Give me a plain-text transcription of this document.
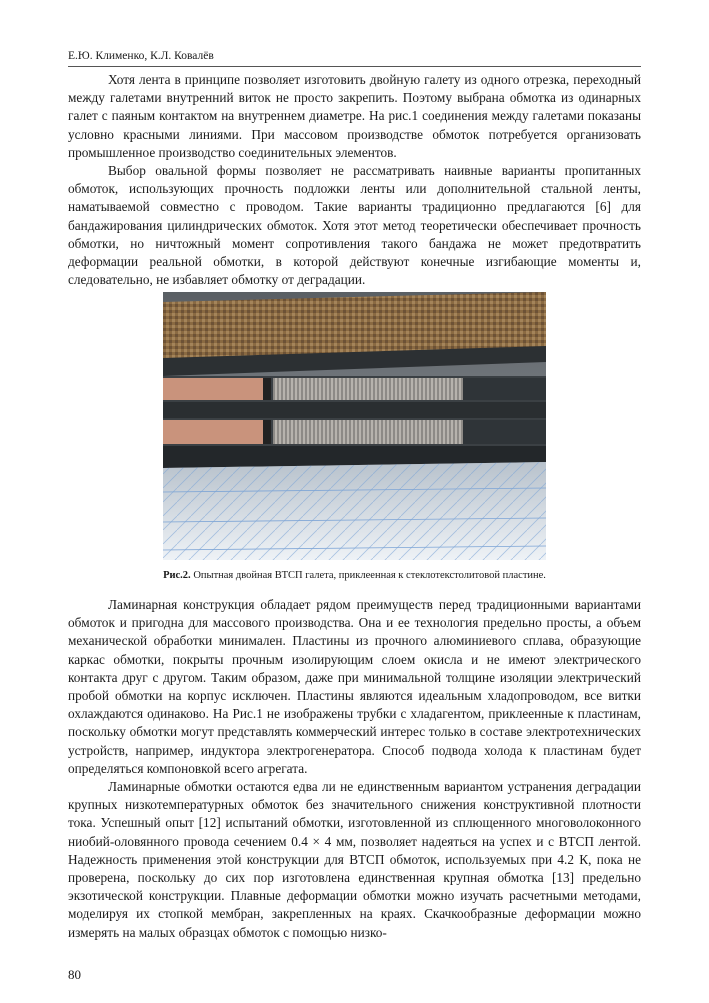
Е.Ю. Клименко, К.Л. Ковалёв

Хотя лента в принципе позволяет изготовить двойную галету из одного отрезка, переходный между галетами внутренний виток не просто закрепить. Поэтому выбрана обмотка из одинарных галет с паяным контактом на внутреннем диаметре. На рис.1 соединения между галетами показаны условно красными линиями. При массовом производстве обмоток потребуется организовать промышленное производство соединительных элементов.

Выбор овальной формы позволяет не рассматривать наивные варианты пропитанных обмоток, использующих прочность подложки ленты или дополнительной стальной ленты, наматываемой совместно с проводом. Такие варианты традиционно предлагаются [6] для бандажирования цилиндрических обмоток. Хотя этот метод теоретически обеспечивает прочность обмотки, но ничтожный момент сопротивления такого бандажа не может предотвратить деформации реальной обмотки, в которой действуют конечные изгибающие моменты и, следовательно, не избавляет обмотку от деградации.

Рис.2. Опытная двойная ВТСП галета, приклеенная к стеклотекстолитовой пластине.

Ламинарная конструкция обладает рядом преимуществ перед традиционными вариантами обмоток и пригодна для массового производства. Она и ее технология предельно просты, а объем механической обработки минимален. Пластины из прочного алюминиевого сплава, образующие каркас обмотки, покрыты прочным изолирующим слоем окисла и не имеют электрического контакта друг с другом. Таким образом, даже при минимальной толщине изоляции электрический пробой обмотки на корпус исключен. Пластины являются идеальным хладопроводом, все витки охлаждаются одинаково. На Рис.1 не изображены трубки с хладагентом, приклеенные к пластинам, поскольку обмотки могут представлять коммерческий интерес только в составе электротехнических устройств, например, индуктора электрогенератора. Способ подвода холода к пластинам будет определяться компоновкой всего агрегата.

Ламинарные обмотки остаются едва ли не единственным вариантом устранения деградации крупных низкотемпературных обмоток без значительного снижения конструктивной плотности тока. Успешный опыт [12] испытаний обмотки, изготовленной из сплющенного многоволоконного ниобий-оловянного провода сечением 0.4 × 4 мм, позволяет надеяться на успех и с ВТСП лентой. Надежность применения этой конструкции для ВТСП обмоток, используемых при 4.2 К, пока не проверена, поскольку до сих пор изготовлена единственная крупная обмотка [13] предельно экзотической конструкции. Плавные деформации обмотки можно изучать расчетными методами, моделируя их стопкой мембран, закрепленных на краях. Скачкообразные деформации можно измерять на малых образцах обмоток с помощью низко-

80
